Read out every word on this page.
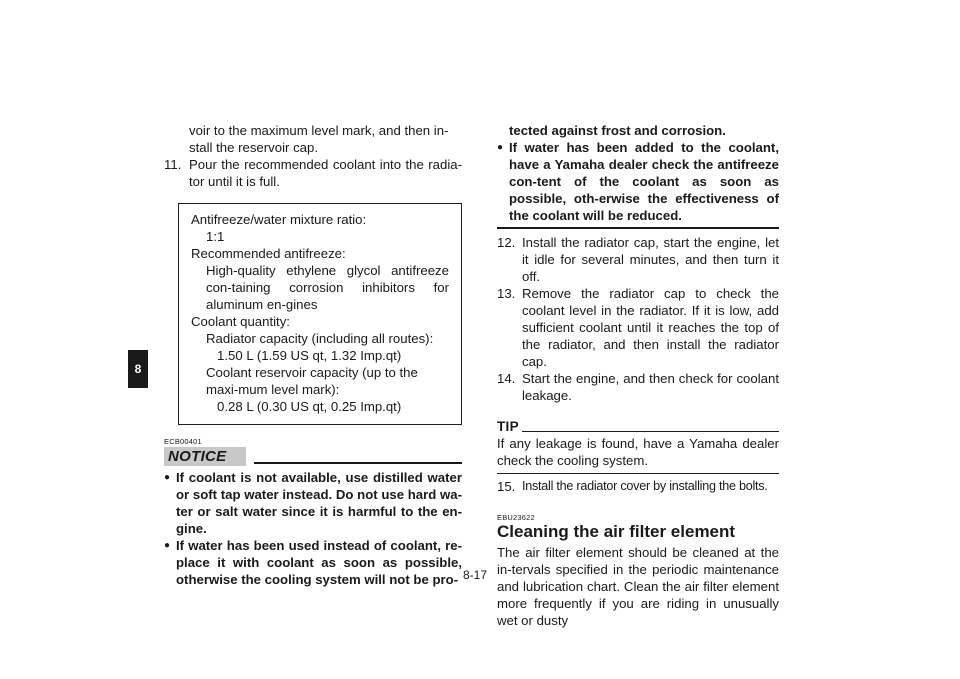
8

voir to the maximum level mark, and then in-
stall the reservoir cap.

11. Pour the recommended coolant into the radia-tor until it is full.
Antifreeze/water mixture ratio:
1:1
Recommended antifreeze:
High-quality ethylene glycol antifreeze con-taining corrosion inhibitors for aluminum en-gines
Coolant quantity:
Radiator capacity (including all routes):
1.50 L (1.59 US qt, 1.32 Imp.qt)
Coolant reservoir capacity (up to the maxi-mum level mark):
0.28 L (0.30 US qt, 0.25 Imp.qt)
ECB00401
NOTICE
● If coolant is not available, use distilled water or soft tap water instead. Do not use hard wa-ter or salt water since it is harmful to the en-gine.
● If water has been used instead of coolant, re-place it with coolant as soon as possible, otherwise the cooling system will not be pro-

tected against frost and corrosion.

● If water has been added to the coolant, have a Yamaha dealer check the antifreeze con-tent of the coolant as soon as possible, oth-erwise the effectiveness of the coolant will be reduced.
12. Install the radiator cap, start the engine, let it idle for several minutes, and then turn it off.
13. Remove the radiator cap to check the coolant level in the radiator. If it is low, add sufficient coolant until it reaches the top of the radiator, and then install the radiator cap.
14. Start the engine, and then check for coolant leakage.
TIP

If any leakage is found, have a Yamaha dealer check the cooling system.

15. Install the radiator cover by installing the bolts.
EBU23622
Cleaning the air filter element

The air filter element should be cleaned at the in-tervals specified in the periodic maintenance and lubrication chart. Clean the air filter element more frequently if you are riding in unusually wet or dusty

8-17
